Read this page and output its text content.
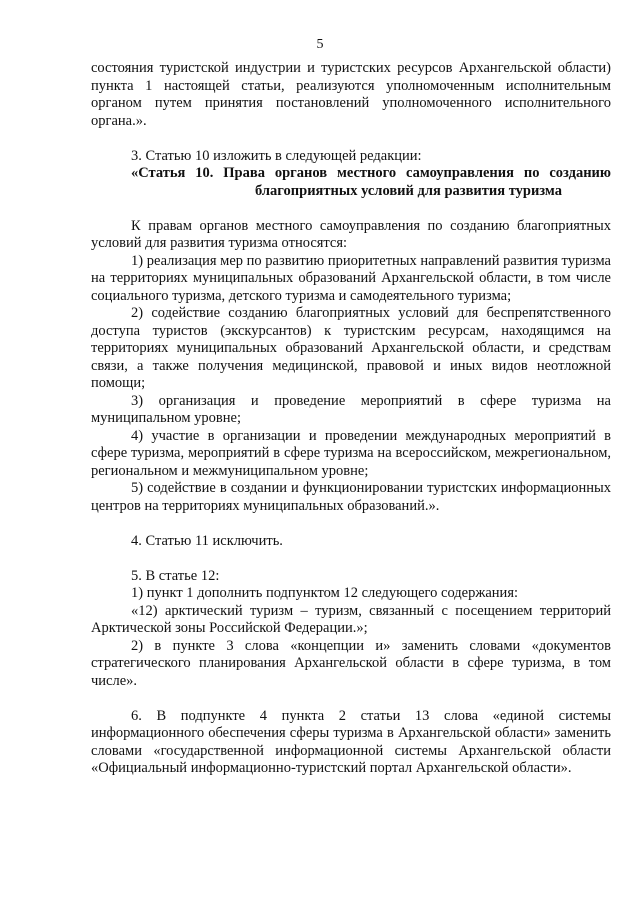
5

состояния туристской индустрии и туристских ресурсов Архангельской области) пункта 1 настоящей статьи, реализуются уполномоченным исполнительным органом путем принятия постановлений уполномоченного исполнительного органа.».

3. Статью 10 изложить в следующей редакции:

«Статья 10. Права органов местного самоуправления по созданию
благоприятных условий для развития туризма

К правам органов местного самоуправления по созданию благоприятных условий для развития туризма относятся:

1) реализация мер по развитию приоритетных направлений развития туризма на территориях муниципальных образований Архангельской области, в том числе социального туризма, детского туризма и самодеятельного туризма;

2) содействие созданию благоприятных условий для беспрепятственного доступа туристов (экскурсантов) к туристским ресурсам, находящимся на территориях муниципальных образований Архангельской области, и средствам связи, а также получения медицинской, правовой и иных видов неотложной помощи;

3) организация и проведение мероприятий в сфере туризма на муниципальном уровне;

4) участие в организации и проведении международных мероприятий в сфере туризма, мероприятий в сфере туризма на всероссийском, межрегиональном, региональном и межмуниципальном уровне;

5) содействие в создании и функционировании туристских информационных центров на территориях муниципальных образований.».

4. Статью 11 исключить.

5. В статье 12:

1) пункт 1 дополнить подпунктом 12 следующего содержания:

«12) арктический туризм – туризм, связанный с посещением территорий Арктической зоны Российской Федерации.»;

2) в пункте 3 слова «концепции и» заменить словами «документов стратегического планирования Архангельской области в сфере туризма, в том числе».

6. В подпункте 4 пункта 2 статьи 13 слова «единой системы информационного обеспечения сферы туризма в Архангельской области» заменить словами «государственной информационной системы Архангельской области «Официальный информационно-туристский портал Архангельской области».
